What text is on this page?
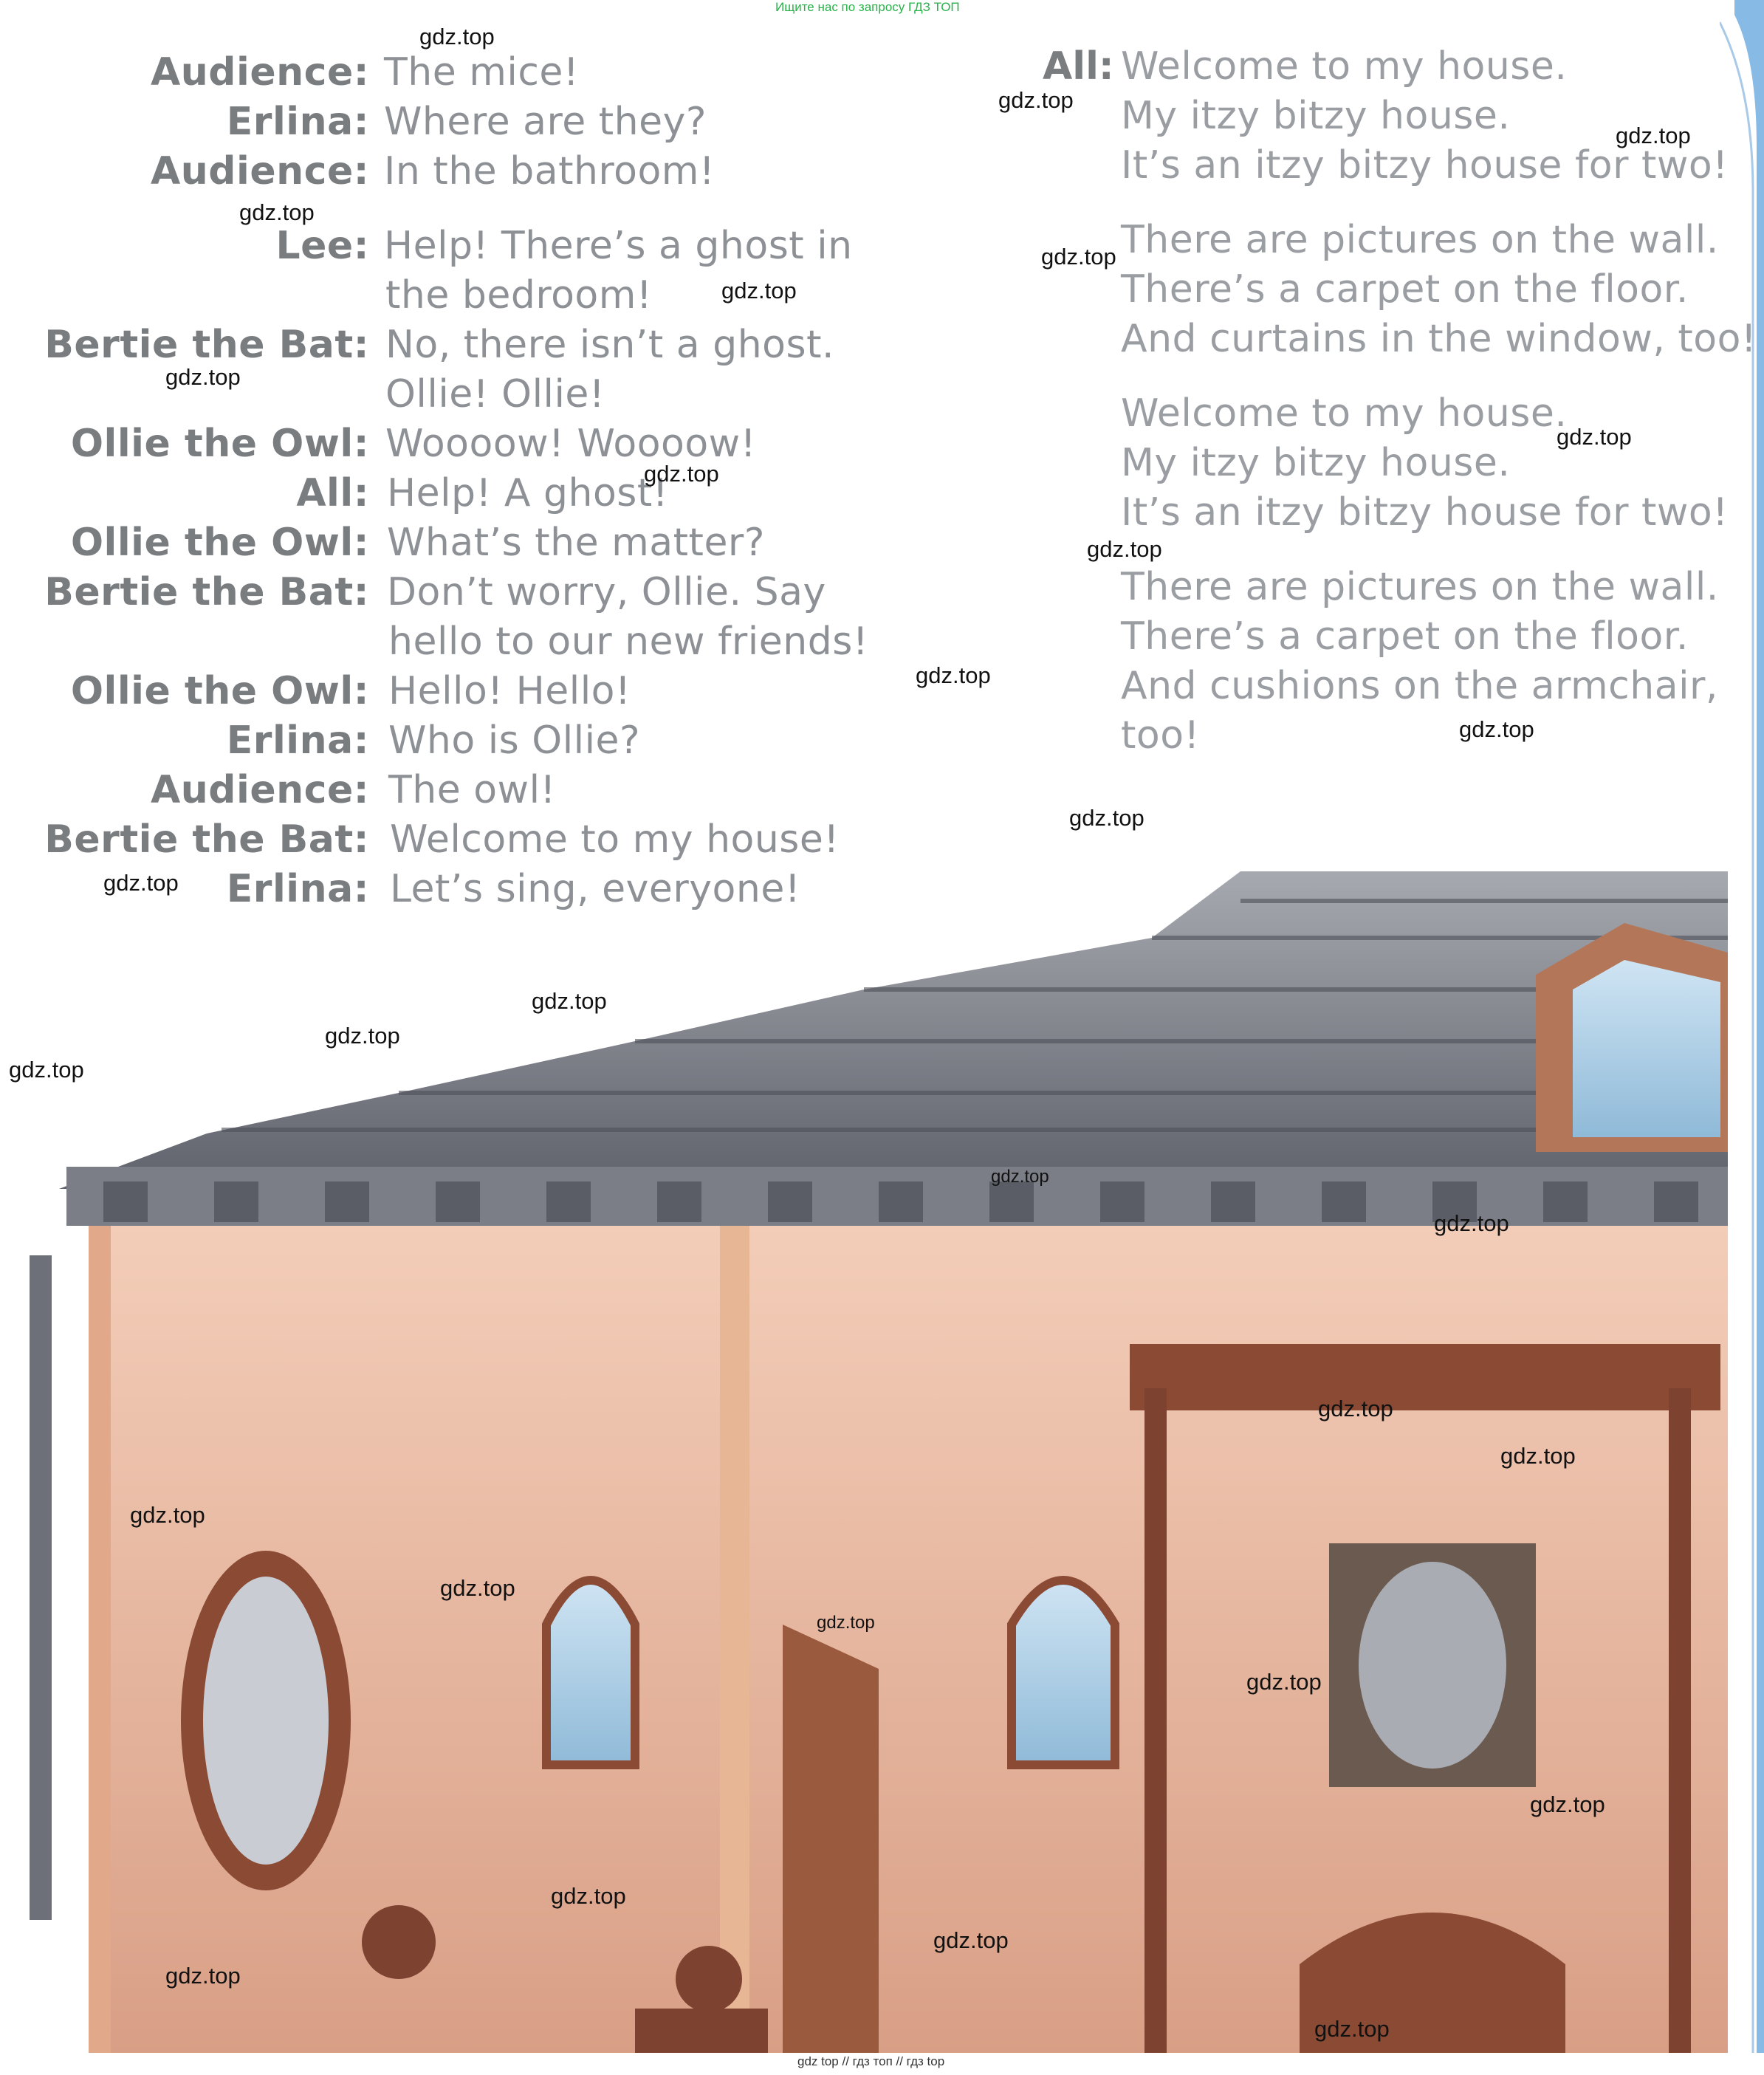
Ищите нас по запросу ГДЗ ТОП
Audience: The mice!
Erlina: Where are they?
Audience: In the bathroom!
Lee: Help! There’s a ghost in
the bedroom!
Bertie the Bat: No, there isn’t a ghost.
Ollie! Ollie!
Ollie the Owl: Woooow! Woooow!
All: Help! A ghost!
Ollie the Owl: What’s the matter?
Bertie the Bat: Don’t worry, Ollie. Say
hello to our new friends!
Ollie the Owl: Hello! Hello!
Erlina: Who is Ollie?
Audience: The owl!
Bertie the Bat: Welcome to my house!
Erlina: Let’s sing, everyone!
All: Welcome to my house.
My itzy bitzy house.
It’s an itzy bitzy house for two!
There are pictures on the wall.
There’s a carpet on the floor.
And curtains in the window, too!
Welcome to my house.
My itzy bitzy house.
It’s an itzy bitzy house for two!
There are pictures on the wall.
There’s a carpet on the floor.
And cushions on the armchair,
too!
gdz.top
gdz.top
gdz.top
gdz.top
gdz.top
gdz.top
gdz.top
gdz.top
gdz.top
gdz.top
gdz.top
gdz.top
gdz.top
gdz.top
gdz.top
gdz.top
gdz.top
gdz.top
gdz.top
gdz.top
gdz.top
gdz.top
gdz.top
gdz.top
gdz.top
gdz.top
gdz.top
gdz.top
gdz.top
gdz.top
gdz top // гдз топ // гдз top
